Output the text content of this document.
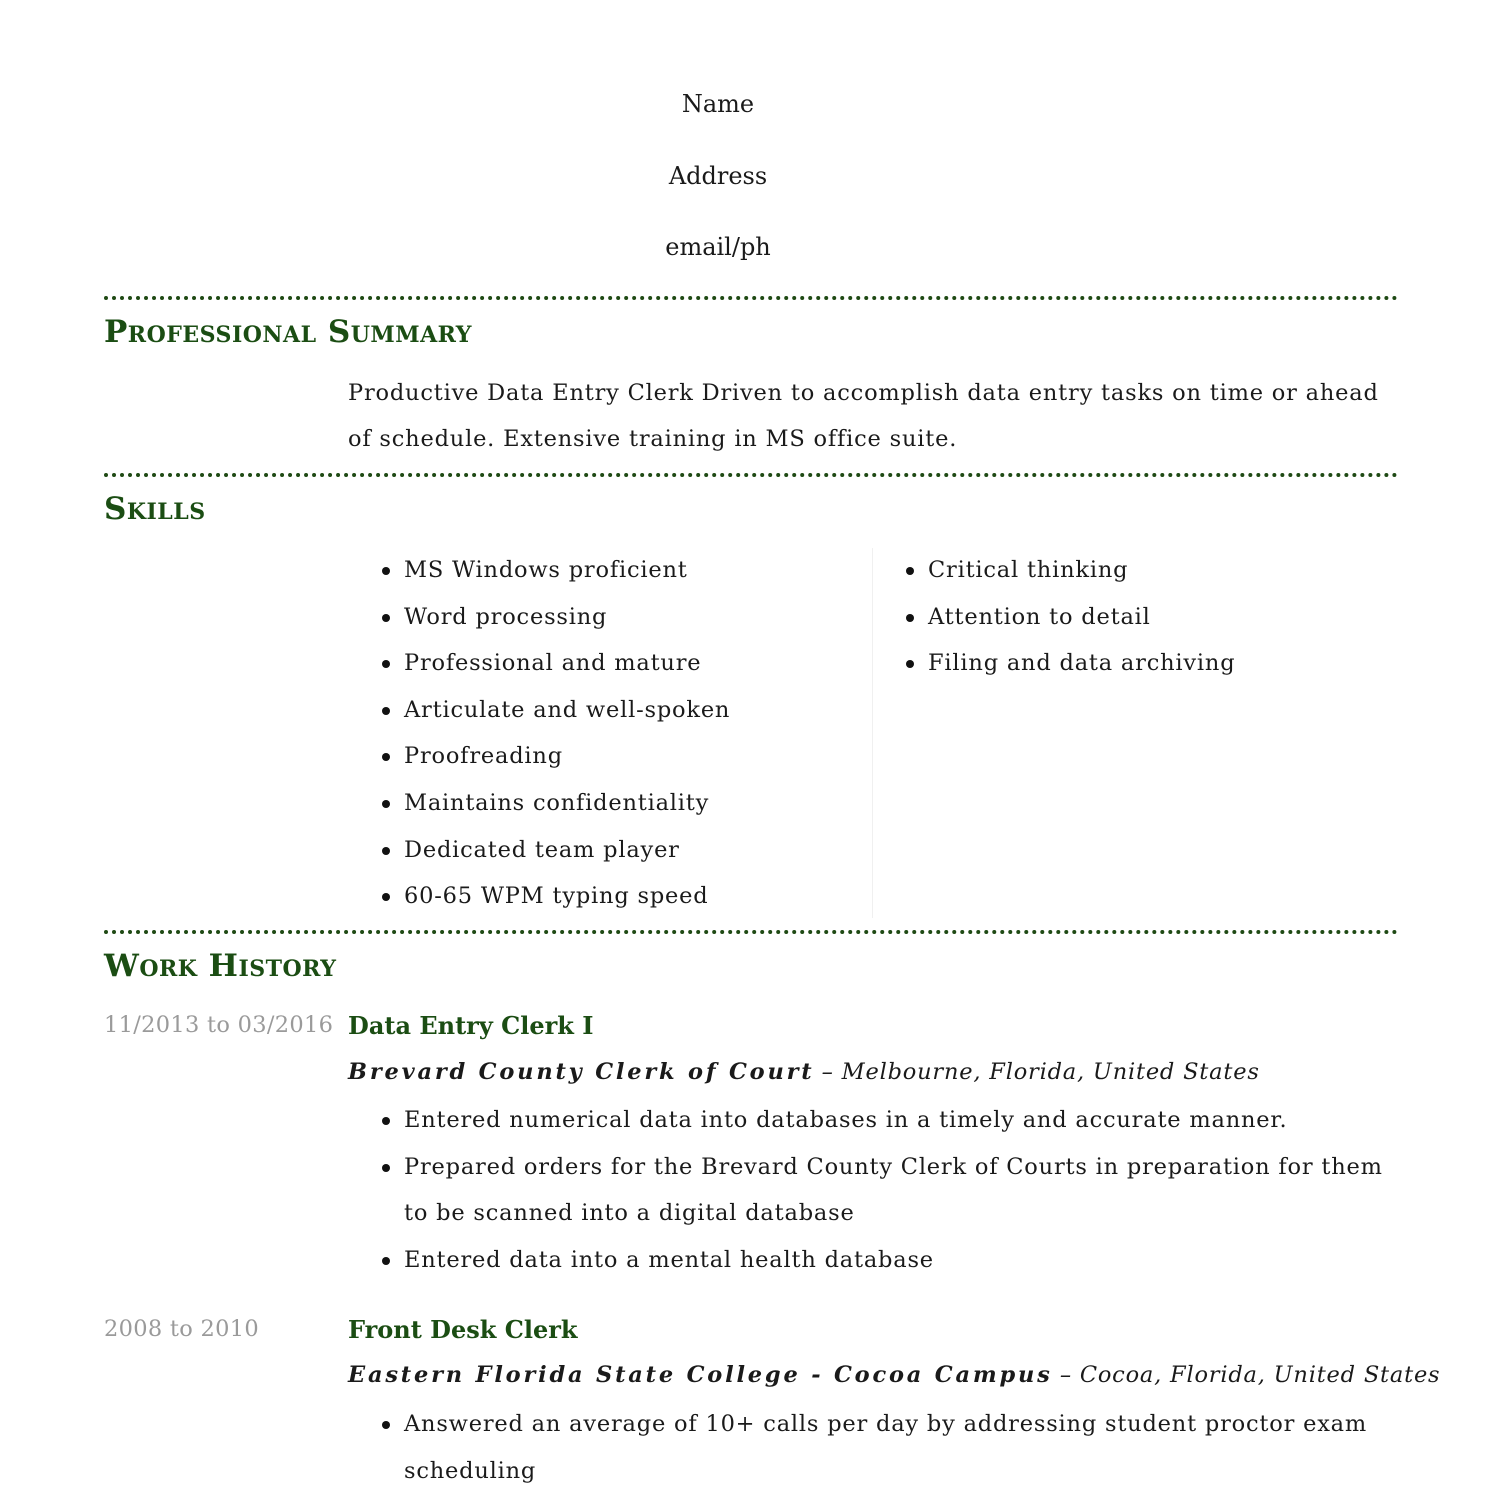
Name
Address
email/ph
Professional Summary
Productive Data Entry Clerk Driven to accomplish data entry tasks on time or ahead of schedule. Extensive training in MS office suite.
Skills
MS Windows proficient
Word processing
Professional and mature
Articulate and well-spoken
Proofreading
Maintains confidentiality
Dedicated team player
60-65 WPM typing speed
Critical thinking
Attention to detail
Filing and data archiving
Work History
11/2013 to 03/2016 Data Entry Clerk I
Brevard County Clerk of Court – Melbourne, Florida, United States
Entered numerical data into databases in a timely and accurate manner.
Prepared orders for the Brevard County Clerk of Courts in preparation for them to be scanned into a digital database
Entered data into a mental health database
2008 to 2010	Front Desk Clerk
Eastern Florida State College - Cocoa Campus – Cocoa, Florida, United States
Answered an average of 10+ calls per day by addressing student proctor exam scheduling
